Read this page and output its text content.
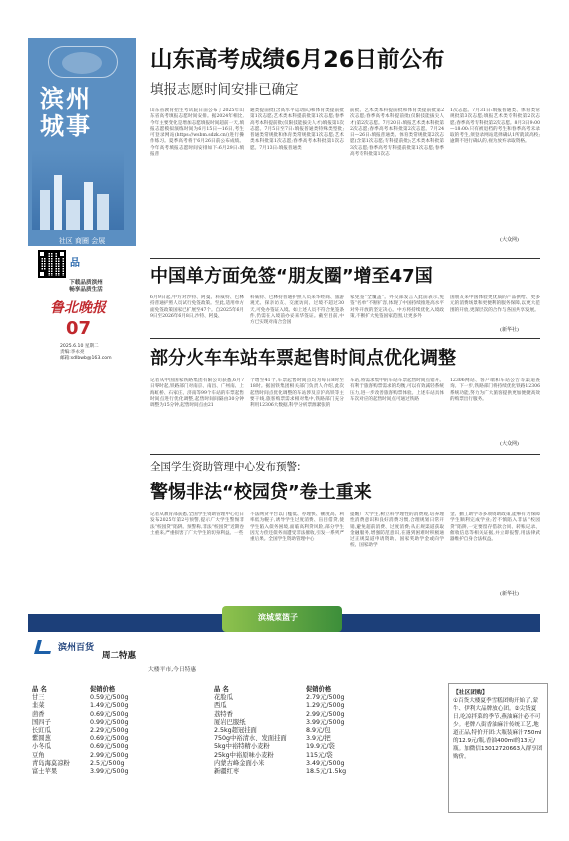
滨州
城事
社区 商圈 会展
品
下载品质滨州
畅享品质生活
鲁北晚报
07
2025.6.10 星期二
责编:李永亮
邮箱:sdlbwb@163.com
山东高考成绩6月26日前公布
填报志愿时间安排已确定
山东省教育招生考试院日前公布了2025年山东省高考填报志愿时间安排。据2024年相比,今年主要变化是增加志愿填报时间超前一天,填报志愿模拟演练时间为6月15日—16日,考生可登录网站(https://wsbm.sdzk.cn/)进行操作练习。夏季高考将于6月26日前公布成绩。今年高考填报志愿时间安排如下:6月29日:填报普
通类提前批(含高水平运动队)和体育类提前批第1次志愿;艺术类本科提前批第1次志愿;春季高考本科提前批(仅限技能拔尖人才)填报第1次志愿。7月5日至7日:填报普通类特殊类型批;普通类常规批和体育类常规批第1次志愿;艺术类本科批第1次志愿;春季高考本科批第1次志愿。7月13日:填报普通类
前批、艺术类本科提前批和体育类提前批第2次志愿;春季高考本科提前批(仅限技能拔尖人才)第2次志愿。7月20日:填报艺术类本科批第2次志愿;春季高考本科批第2次志愿。7月24日—26日:填报普通类、体育类常规批第2次志愿(含第1次志愿;专科提前批);艺术类本科批第3次志愿;春季高考专科提前批第1次志愿;春季高考专科批第1次志
1次志愿。7月31日:填报普通类、体育类常规批第3次志愿;填报艺术类专科批第2次志愿;春季高考专科批第2次志愿。8月3日9:00—18:00:只有被退档的考生和春季高考未录取的考生,须登录网站选择确认1所就读高校;逾期不进行确认的,视为放弃录取资格。
(大众网)
中国单方面免签“朋友圈”增至47国
6月9日起,中方对沙特、阿曼、科威特、巴林持普通护照人员试行免签政策。至此,适用单方面免签政策国家已扩展至47个。自2025年6月9日至2026年6月8日,沙特、阿曼、
科威特、巴林持普通护照人员来华经商、旅游观光、探亲访友、交流访问、过境不超过30天,可免办签证入境。如上述人员不符合免签条件,仍需在入境前办妥来华签证。截至目前,中方已实现对南合会国
家免签“全覆盖”。外交部发言人此前表示,免签“名单”不断扩容,体现了中国持续推进高水平对外开放的坚定决心。中方将持续优化入境政策,不断扩大免签国家范围,让更多外
国朋友来中国体验更优质的产品供给、更多元的消费场景和更便利的服务保障,以更大范围的开放,更深层次的合作与各国共享发展。
(新华社)
部分火车车站车票起售时间点优化调整
记者从中国国家铁路集团有限公司获悉,6月7日零时起,铁路部门对南京、南昌、广州南、上海虹桥、石家庄、济南等99个车站的车票起售时间点进行优化调整,起售时间间隔由30分钟调整为15分钟,起售时间点由21
个增至41个,车票起售时间点均为每日8时至18时。据国铁集团相关部门负责人介绍,此次起售时间点优化调整的车站涉及京沪高铁等主要干线,旅客购票需求相对集中,铁路部门充分利用12306大数据,科学分析票源紧张的
车站,将需求集中的车站车票起售时间点错开。有利于旅客购票需求的均衡,可以有效减轻系统压力,进一步改善旅客购票体验。上述车站具体车次对应的起售时间点可通过铁路
12306网站、客户端和车站公告等渠道查询。下一步,铁路部门将持续优化铁路12306系统功能,努力为广大旅客提供更加便捷高效的购票出行服务。
(大众网)
全国学生资助管理中心发布预警:
警惕非法“校园贷”卷土重来
记者从教育部获悉,全国学生资助管理中心近日发布2025年第2号预警,提示广大学生警惕非法“校园贷”陷阱。预警称,非法“校园贷”近期卷土重来,严重损害了广大学生的切身利益。一些
不法网贷平台以门槛低、办理快、额度高、利率低为幌子,诱导学生过度消费、盲目借贷,使学生陷入债务困境,面临高利贷风险,部分学生因无力偿还债务而遭受非法催收,引发一系列严重后果。全国学生资助管理中心
提醒广大学生,树立科学理性的消费观,培养理性消费意识和良好消费习惯,合理规划日常开销,避免超前消费、过度消费;从正规渠道获取金融服务,增强防范意识,在遇到困难时积极通过正规渠道申请资助、国家奖助学金或向学校、国家助学
金、勤工助学等多项资助政策,能够有力保障学生顺利完成学业;若不慎陷入非法“校园贷”陷阱,一定要留存借款合同、转账记录、催收信息等相关证据,并立即报警,用法律武器维护自身合法权益。
(新华社)
滨城菜篮子
滨州百货
周二特惠
大楼平市,今日特惠
品 名	促销价格
甘三	0.59元/500g
韭菜	1.49元/500g
茴香	0.69元/500g
国四子	0.99元/500g
长豇瓜	2.29元/500g
紫圆葱	0.69元/500g
小冬瓜	0.69元/500g
豆角	2.99元/500g
青岛海莫凉粉	2.5元/500g
富士苹果	3.99元/500g
品 名	促销价格
花脸瓜	2.79元/500g
西瓜	1.29元/500g
荔特香	2.99元/500g
厦岩巴服纸	3.99元/500g
2.5kg超冠挂面	8.9元/包
750g中裕清水、发面挂面	3.9元/把
5kg中裕特精小麦粉	19.9元/袋
25kg中裕原味小麦粉	115元/袋
内蒙古峰金面小米	3.49元/500g
新疆红枣	18.5元/1.5kg
【社区团购】
①百货大楼夏季雪糕团购开始了,蒙牛、伊利大品牌放心团。②尖货夏日,吃凉拌菜的季节,燕油麻汁必不可少。老牌八街香油麻汁传统工艺,地道正品,特价开团:大瓶装麻汁750ml的12.9元/瓶,香油400ml的13元/瓶。加微信13012720663入群享团购价。
